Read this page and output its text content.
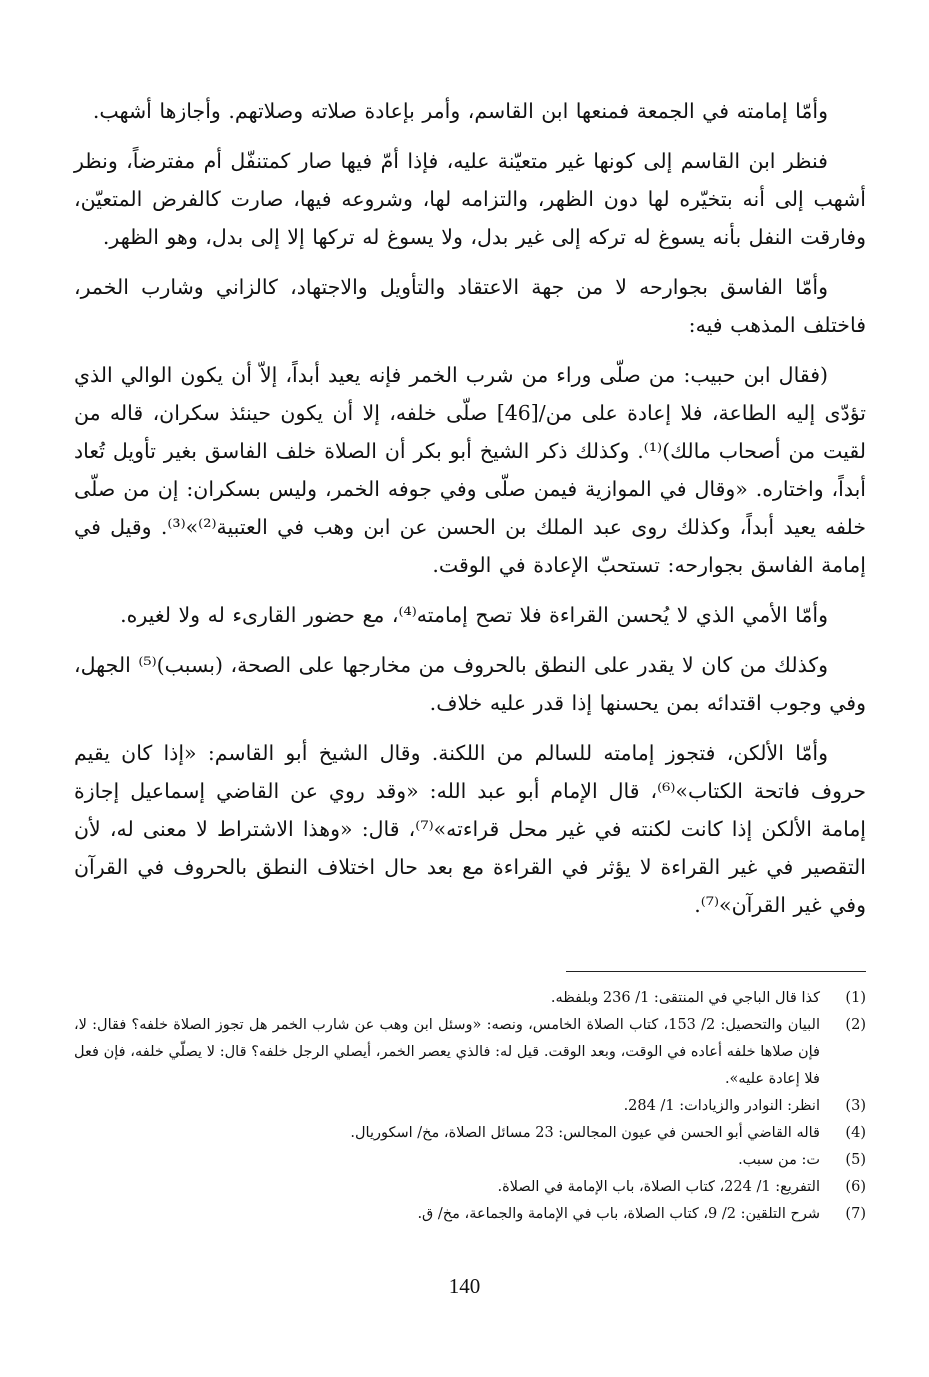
وأمّا إمامته في الجمعة فمنعها ابن القاسم، وأمر بإعادة صلاته وصلاتهم. وأجازها أشهب.

فنظر ابن القاسم إلى كونها غير متعيّنة عليه، فإذا أمّ فيها صار كمتنفّل أم مفترضاً، ونظر أشهب إلى أنه بتخيّره لها دون الظهر، والتزامه لها، وشروعه فيها، صارت كالفرض المتعيّن، وفارقت النفل بأنه يسوغ له تركه إلى غير بدل، ولا يسوغ له تركها إلا إلى بدل، وهو الظهر.

وأمّا الفاسق بجوارحه لا من جهة الاعتقاد والتأويل والاجتهاد، كالزاني وشارب الخمر، فاختلف المذهب فيه:

(فقال ابن حبيب: من صلّى وراء من شرب الخمر فإنه يعيد أبداً، إلاّ أن يكون الوالي الذي تؤدّى إليه الطاعة، فلا إعادة على من/[46] صلّى خلفه، إلا أن يكون حينئذ سكران، قاله من لقيت من أصحاب مالك)⁽¹⁾. وكذلك ذكر الشيخ أبو بكر أن الصلاة خلف الفاسق بغير تأويل تُعاد أبداً، واختاره. «وقال في الموازية فيمن صلّى وفي جوفه الخمر، وليس بسكران: إن من صلّى خلفه يعيد أبداً، وكذلك روى عبد الملك بن الحسن عن ابن وهب في العتبية⁽²⁾»⁽³⁾. وقيل في إمامة الفاسق بجوارحه: تستحبّ الإعادة في الوقت.

وأمّا الأمي الذي لا يُحسن القراءة فلا تصح إمامته⁽⁴⁾، مع حضور القارىء له ولا لغيره.

وكذلك من كان لا يقدر على النطق بالحروف من مخارجها على الصحة، (بسبب)⁽⁵⁾ الجهل، وفي وجوب اقتدائه بمن يحسنها إذا قدر عليه خلاف.

وأمّا الألكن، فتجوز إمامته للسالم من اللكنة. وقال الشيخ أبو القاسم: «إذا كان يقيم حروف فاتحة الكتاب»⁽⁶⁾، قال الإمام أبو عبد الله: «وقد روي عن القاضي إسماعيل إجازة إمامة الألكن إذا كانت لكنته في غير محل قراءته»⁽⁷⁾، قال: «وهذا الاشتراط لا معنى له، لأن التقصير في غير القراءة لا يؤثر في القراءة مع بعد حال اختلاف النطق بالحروف في القرآن وفي غير القرآن»⁽⁷⁾.

(1)
كذا قال الباجي في المنتقى: 1/ 236 وبلفظه.
(2)
البيان والتحصيل: 2/ 153، كتاب الصلاة الخامس، ونصه: «وسئل ابن وهب عن شارب الخمر هل تجوز الصلاة خلفه؟ فقال: لا، فإن صلاها خلفه أعاده في الوقت، وبعد الوقت. قيل له: فالذي يعصر الخمر، أيصلي الرجل خلفه؟ قال: لا يصلّي خلفه، فإن فعل فلا إعادة عليه».
(3)
انظر: النوادر والزيادات: 1/ 284.
(4)
قاله القاضي أبو الحسن في عيون المجالس: 23 مسائل الصلاة، مخ/ اسكوريال.
(5)
ت: من سبب.
(6)
التفريع: 1/ 224، كتاب الصلاة، باب الإمامة في الصلاة.
(7)
شرح التلقين: 2/ 9، كتاب الصلاة، باب في الإمامة والجماعة، مخ/ ق.
140
